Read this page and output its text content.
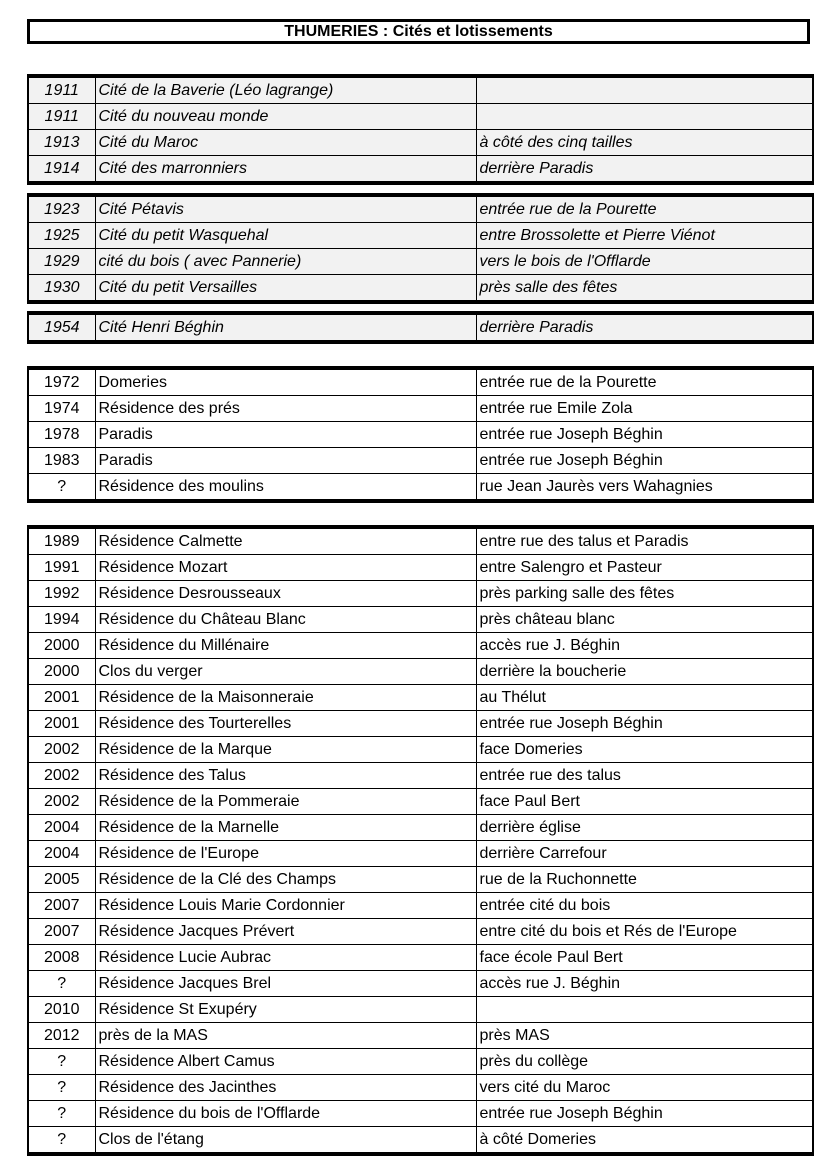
THUMERIES : Cités et lotissements
1911	Cité de la Baverie (Léo lagrange)	
1911	Cité du nouveau monde	
1913	Cité du Maroc	à côté des cinq tailles
1914	Cité des marronniers	derrière Paradis
1923	Cité Pétavis	entrée rue de la Pourette
1925	Cité du petit Wasquehal	entre Brossolette et Pierre Viénot
1929	cité du bois ( avec Pannerie)	vers le bois de l'Offlarde
1930	Cité du petit Versailles	près salle des fêtes
1954	Cité Henri Béghin	derrière Paradis
1972	Domeries	entrée rue de la Pourette
1974	Résidence des prés	entrée rue Emile Zola
1978	Paradis	entrée rue Joseph Béghin
1983	Paradis	entrée rue Joseph Béghin
?	Résidence des moulins	rue Jean Jaurès vers Wahagnies
1989	Résidence Calmette	entre rue des talus et Paradis
1991	Résidence Mozart	entre Salengro et Pasteur
1992	Résidence Desrousseaux	près parking salle des fêtes
1994	Résidence du Château Blanc	près château blanc
2000	Résidence du Millénaire	accès rue J. Béghin
2000	Clos du verger	derrière la boucherie
2001	Résidence de la Maisonneraie	au Thélut
2001	Résidence des Tourterelles	entrée rue Joseph Béghin
2002	Résidence de la Marque	face Domeries
2002	Résidence des Talus	entrée rue des talus
2002	Résidence de la Pommeraie	face Paul Bert
2004	Résidence de la Marnelle	derrière église
2004	Résidence de l'Europe	derrière Carrefour
2005	Résidence de la Clé des Champs	rue de la Ruchonnette
2007	Résidence Louis Marie Cordonnier	entrée cité du bois
2007	Résidence Jacques Prévert	entre cité du bois et Rés de l'Europe
2008	Résidence Lucie Aubrac	face école Paul Bert
?	Résidence Jacques Brel	accès rue J. Béghin
2010	Résidence St Exupéry	
2012	près de la MAS	près MAS
?	Résidence Albert Camus	près du collège
?	Résidence des Jacinthes	vers cité du Maroc
?	Résidence du bois de l'Offlarde	entrée rue Joseph Béghin
?	Clos de l'étang	à côté Domeries
